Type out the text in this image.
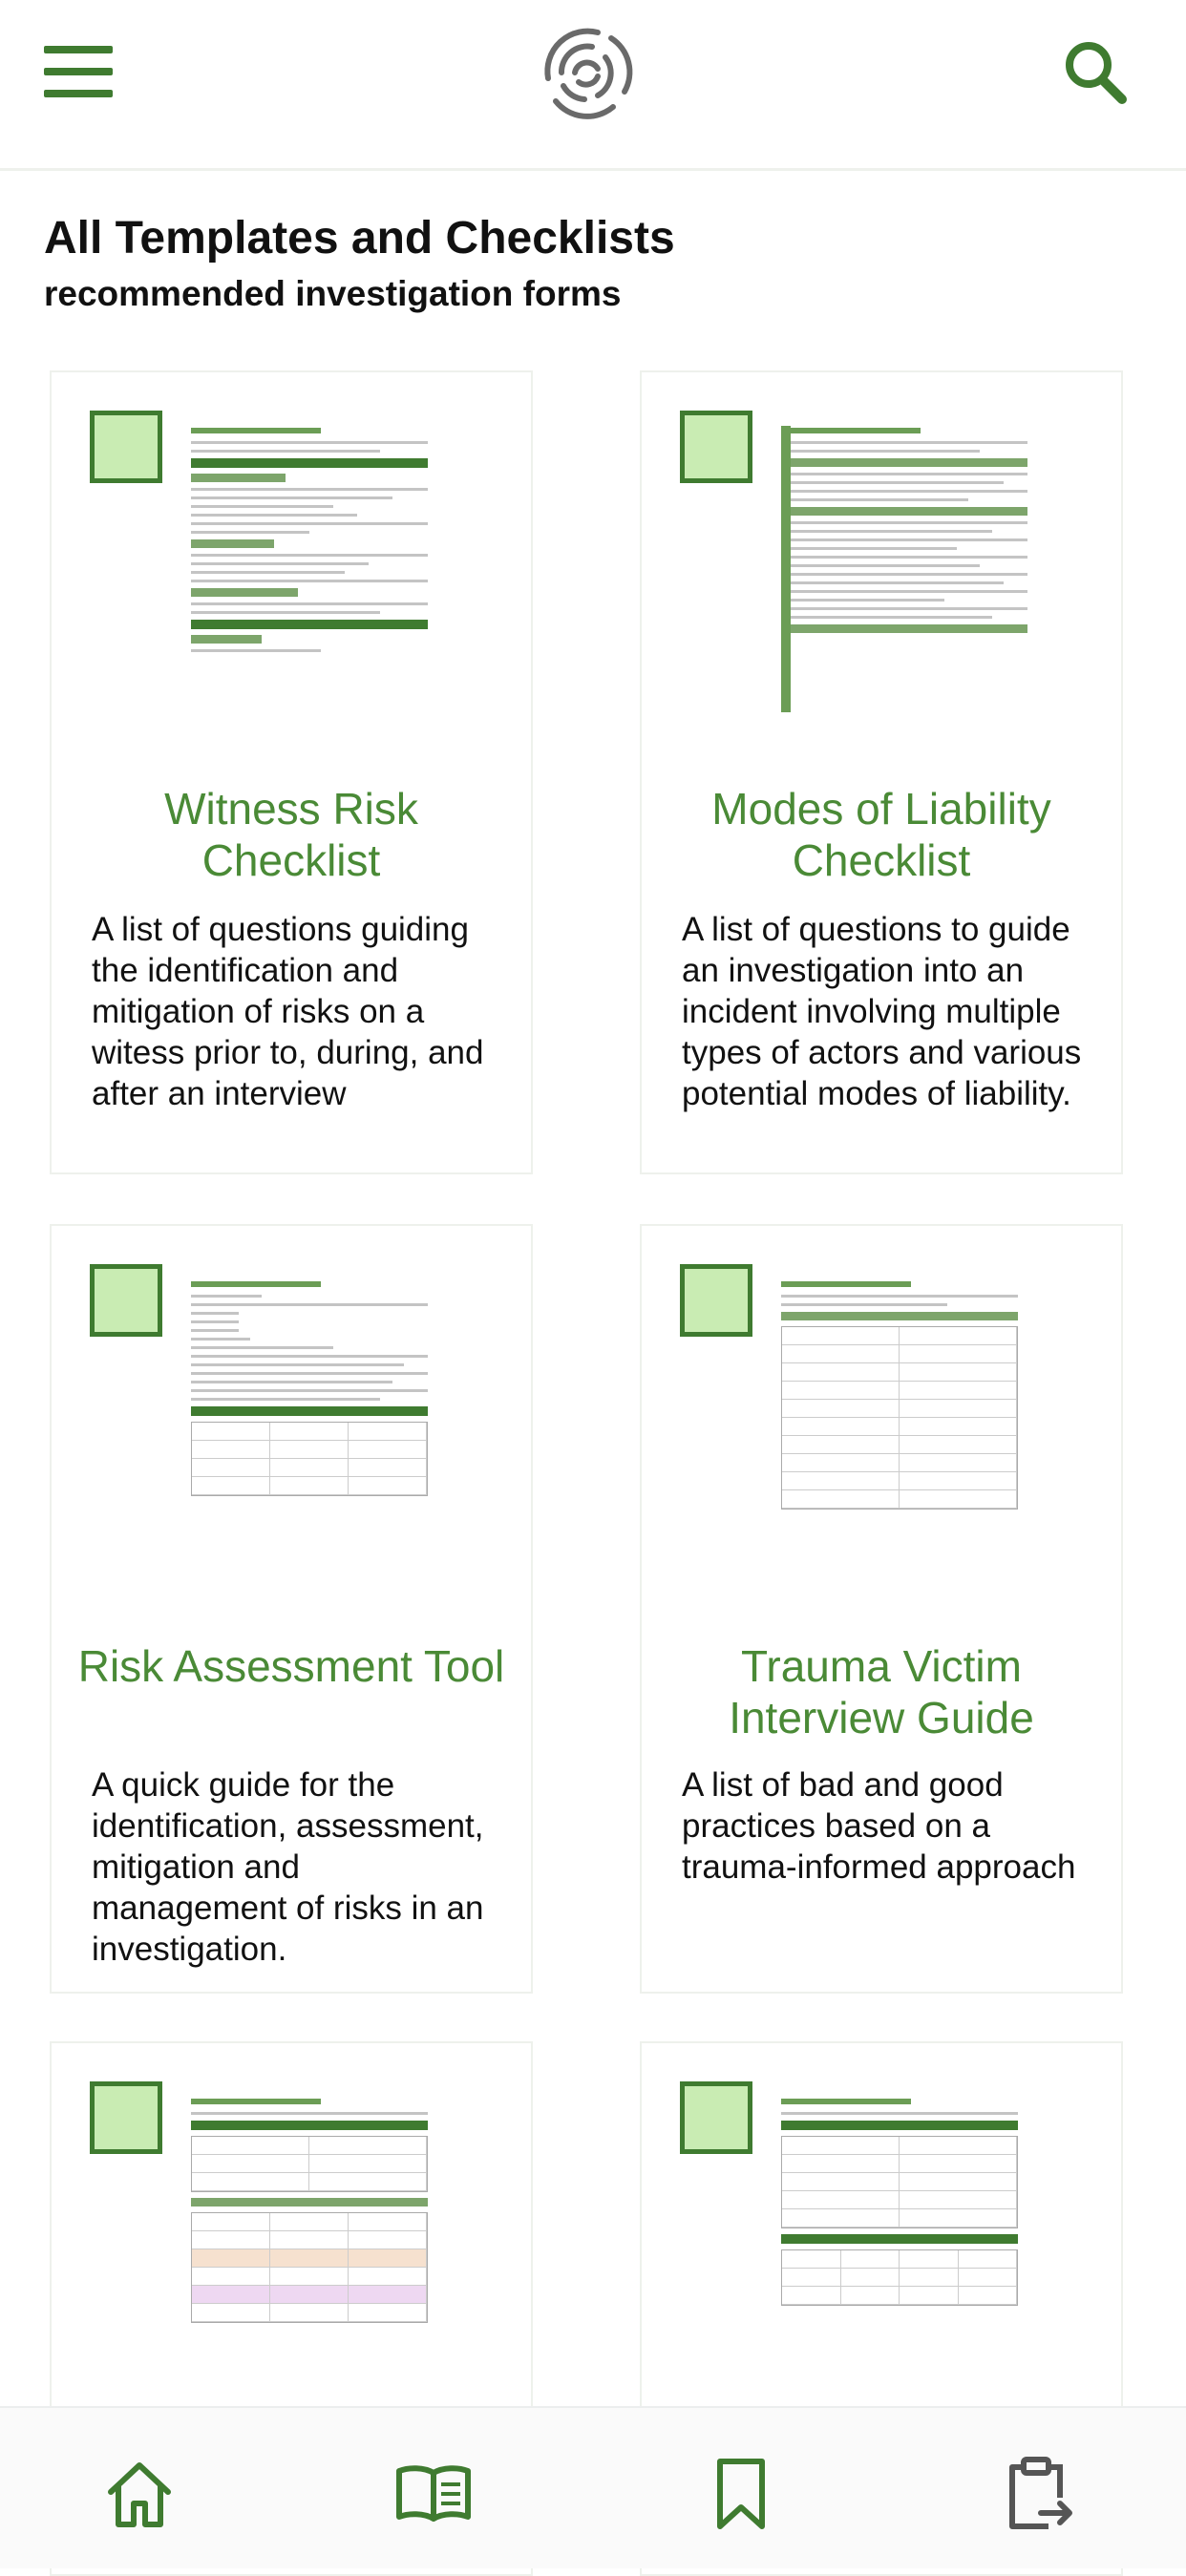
All Templates and Checklists
recommended investigation forms
Witness Risk Checklist
A list of questions guiding the identification and mitigation of risks on a witess prior to, during, and after an interview
Modes of Liability Checklist
A list of questions to guide an investigation into an incident involving multiple types of actors and various potential modes of liability.
Risk Assessment Tool
A quick guide for the identification, assessment, mitigation and management of risks in an investigation.
Trauma Victim Interview Guide
A list of bad and good practices based on a trauma-informed approach
